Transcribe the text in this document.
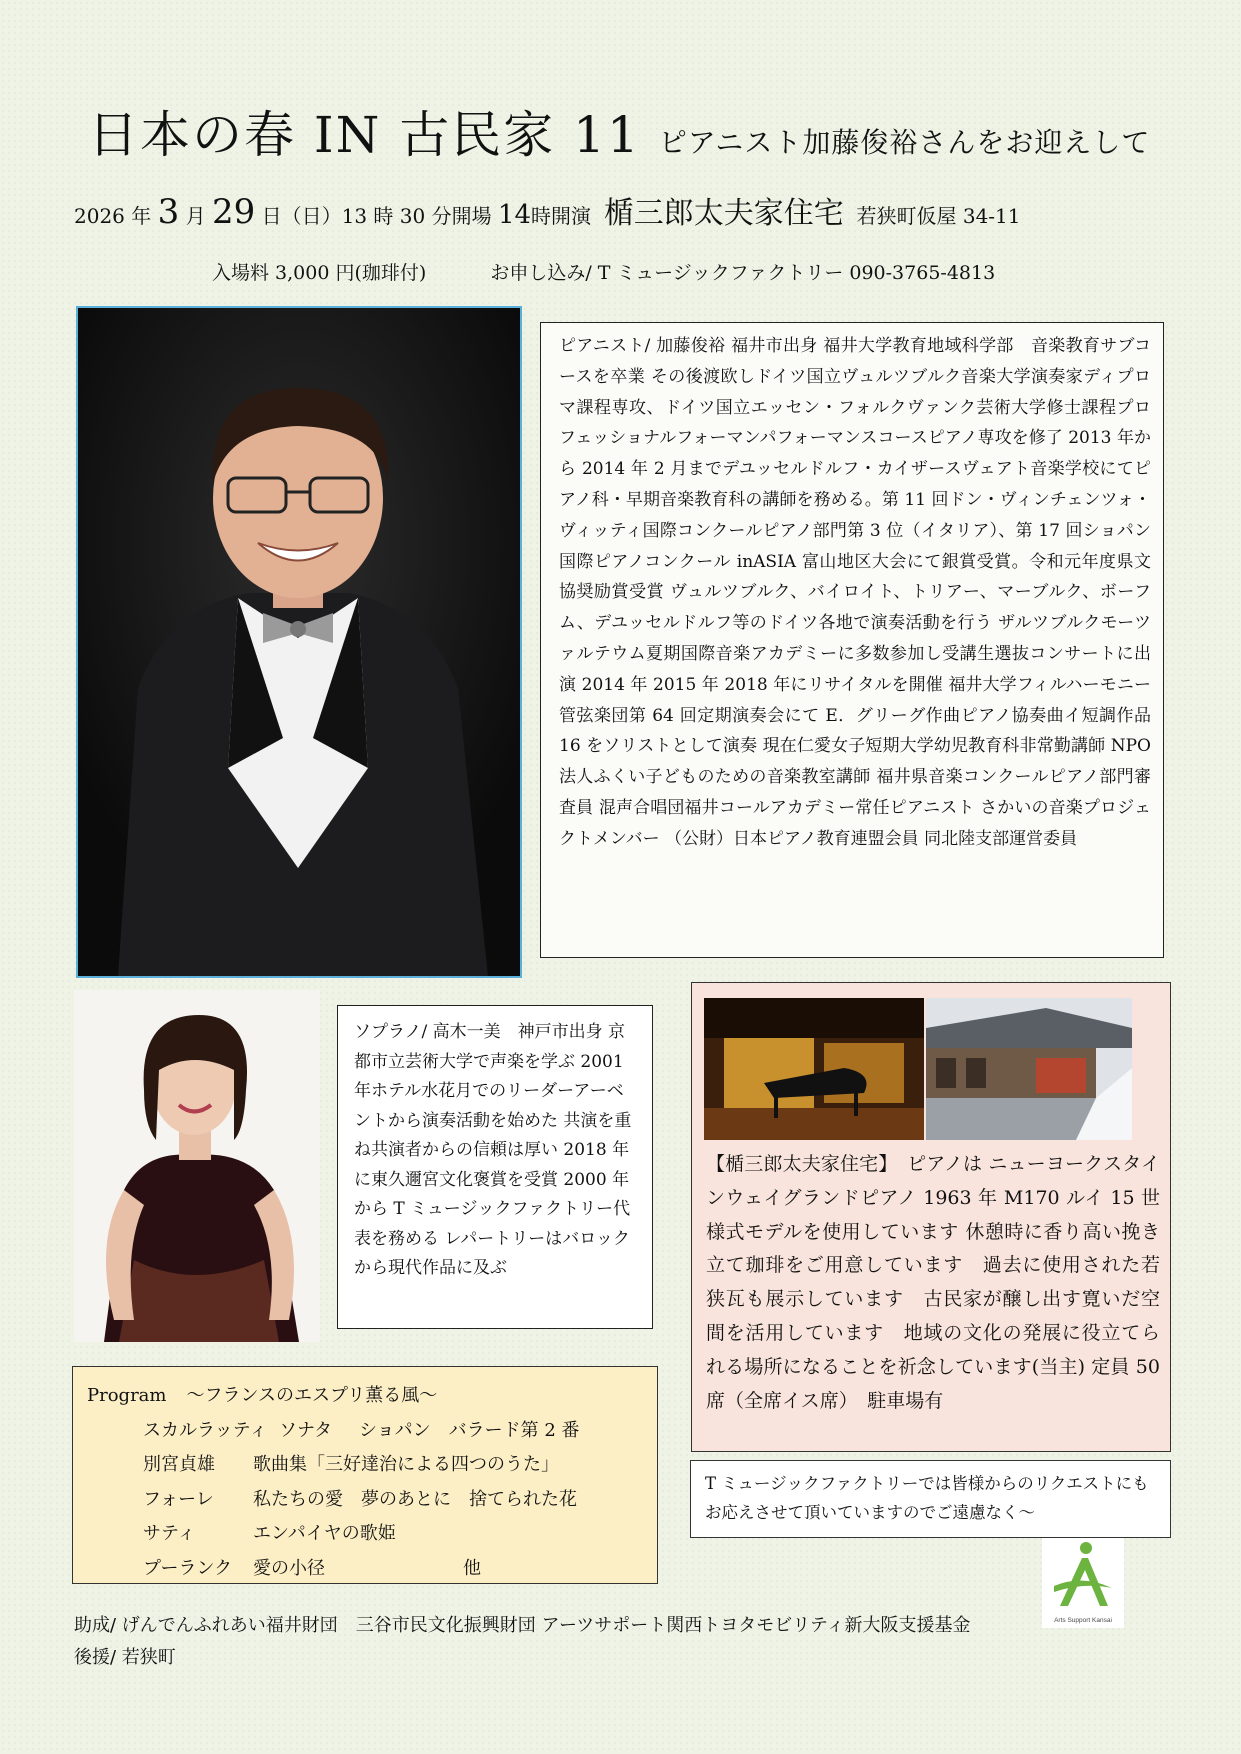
日本の春 IN 古民家 11 ピアニスト加藤俊裕さんをお迎えして
2026 年 3 月 29 日（日）13 時 30 分開場 14時開演 楯三郎太夫家住宅 若狭町仮屋 34-11
入場料 3,000 円(珈琲付)	お申し込み/ T ミュージックファクトリー 090-3765-4813
ピアニスト/ 加藤俊裕 福井市出身 福井大学教育地域科学部　音楽教育サブコースを卒業 その後渡欧しドイツ国立ヴュルツブルク音楽大学演奏家ディプロマ課程専攻、ドイツ国立エッセン・フォルクヴァンク芸術大学修士課程プロフェッショナルフォーマンパフォーマンスコースピアノ専攻を修了 2013 年から 2014 年 2 月までデユッセルドルフ・カイザースヴェアト音楽学校にてピアノ科・早期音楽教育科の講師を務める。第 11 回ドン・ヴィンチェンツォ・ヴィッティ国際コンクールピアノ部門第 3 位（イタリア）、第 17 回ショパン国際ピアノコンクール inASIA 富山地区大会にて銀賞受賞。令和元年度県文協奨励賞受賞 ヴュルツブルク、バイロイト、トリアー、マーブルク、ボーフム、デユッセルドルフ等のドイツ各地で演奏活動を行う ザルツブルクモーツァルテウム夏期国際音楽アカデミーに多数参加し受講生選抜コンサートに出演 2014 年 2015 年 2018 年にリサイタルを開催 福井大学フィルハーモニー管弦楽団第 64 回定期演奏会にて E．グリーグ作曲ピアノ協奏曲イ短調作品 16 をソリストとして演奏 現在仁愛女子短期大学幼児教育科非常勤講師 NPO 法人ふくい子どものための音楽教室講師 福井県音楽コンクールピアノ部門審査員 混声合唱団福井コールアカデミー常任ピアニスト さかいの音楽プロジェクトメンバー （公財）日本ピアノ教育連盟会員 同北陸支部運営委員
ソプラノ/ 高木一美　神戸市出身 京都市立芸術大学で声楽を学ぶ 2001 年ホテル水花月でのリーダーアーベントから演奏活動を始めた 共演を重ね共演者からの信頼は厚い 2018 年に東久邇宮文化褒賞を受賞 2000 年から T ミュージックファクトリー代表を務める レパートリーはバロックから現代作品に及ぶ
【楯三郎太夫家住宅】　ピアノは ニューヨークスタインウェイグランドピアノ 1963 年 M170 ルイ 15 世様式モデルを使用しています 休憩時に香り高い挽き立て珈琲をご用意しています　過去に使用された若狭瓦も展示しています　古民家が醸し出す寛いだ空間を活用しています　地域の文化の発展に役立てられる場所になることを祈念しています(当主) 定員 50 席（全席イス席）　駐車場有
T ミュージックファクトリーでは皆様からのリクエストにもお応えさせて頂いていますのでご遠慮なく～
Program ～フランスのエスプリ薫る風～
スカルラッティ ソナタ ショパン　バラード第 2 番
別宮貞雄 歌曲集「三好達治による四つのうた」
フォーレ 私たちの愛　夢のあとに　捨てられた花
サティ	エンパイヤの歌姫
プーランク 愛の小径	他
Arts Support Kansai
助成/ げんでんふれあい福井財団　三谷市民文化振興財団 アーツサポート関西トヨタモビリティ新大阪支援基金
後援/ 若狭町
